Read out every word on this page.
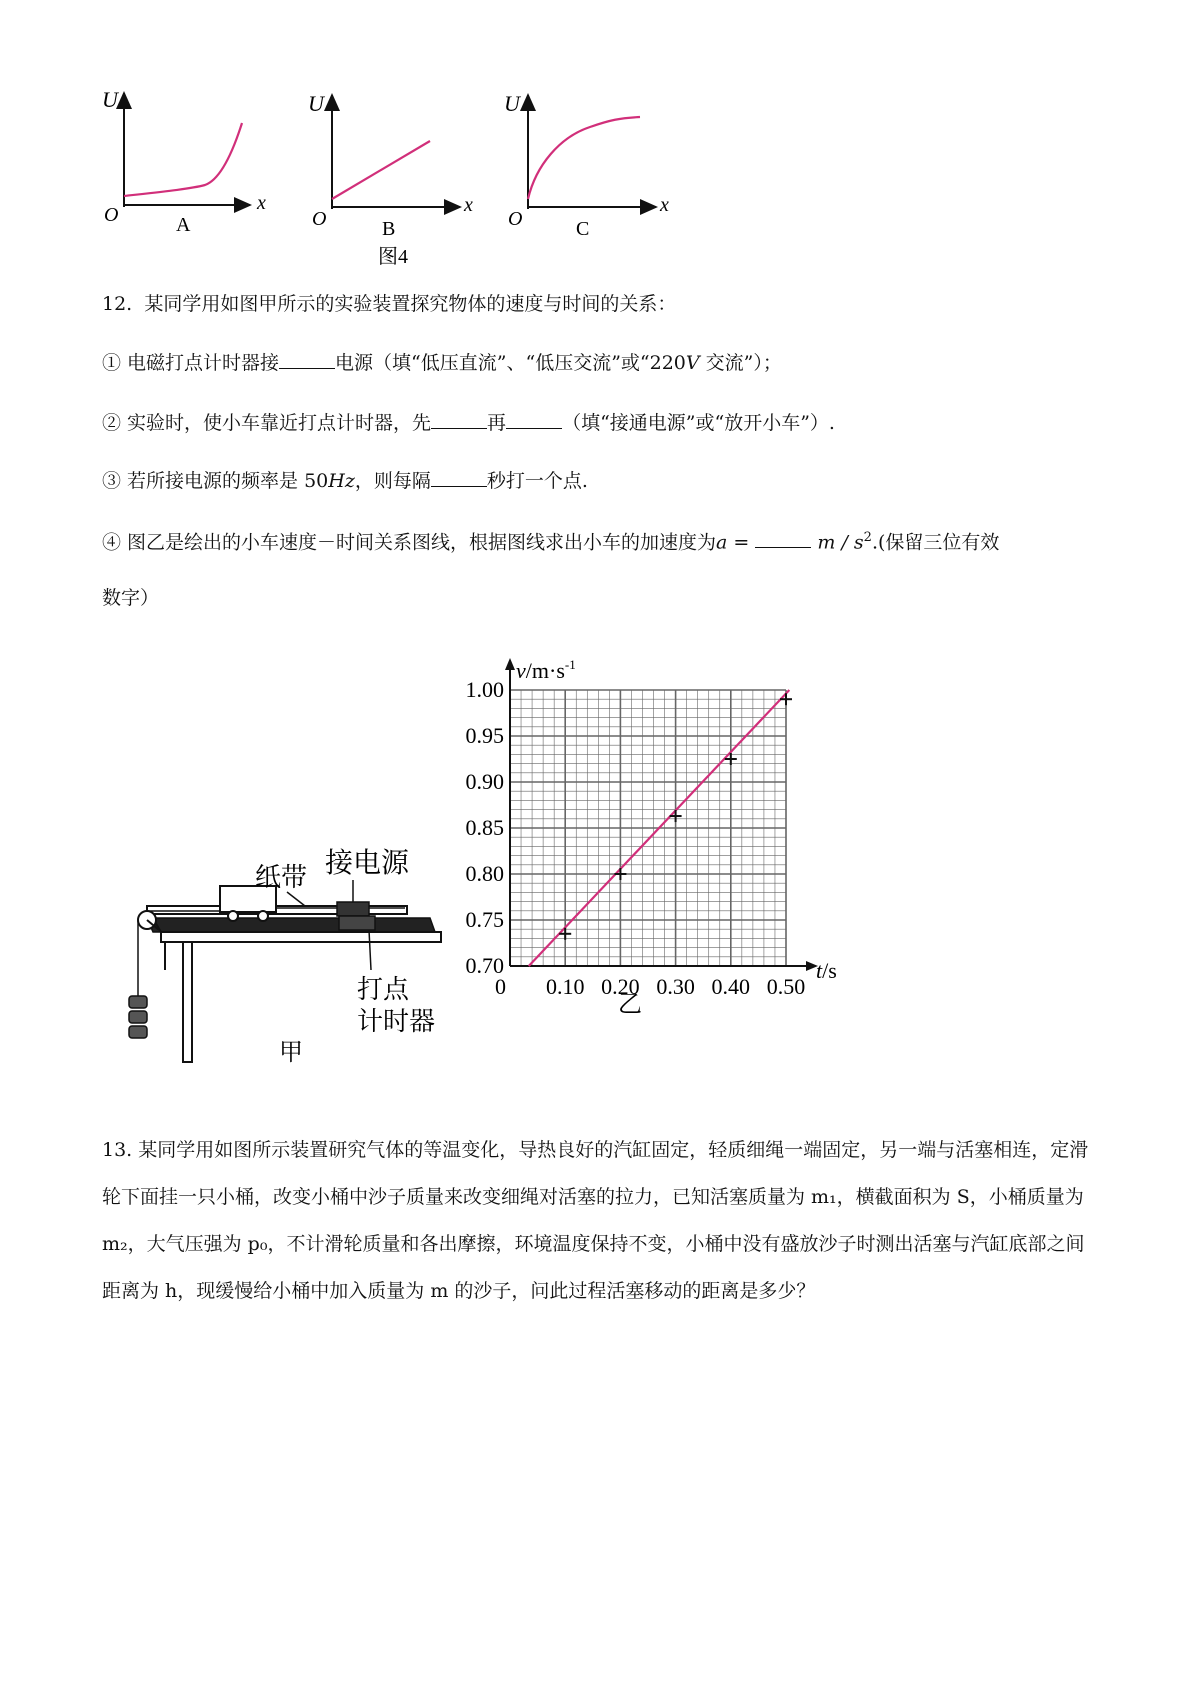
U
x
O	A
U
x
O	B
U
x
O	C
图4
12. 某同学用如图甲所示的实验装置探究物体的速度与时间的关系：
① 电磁打点计时器接	电源（填“低压直流”、“低压交流”或“220V 交流”）；
② 实验时，使小车靠近打点计时器，先	再	（填“接通电源”或“放开小车”）.
③ 若所接电源的频率是 50Hz，则每隔	秒打一个点.
④ 图乙是绘出的小车速度－时间关系图线，根据图线求出小车的加速度为a =	m / $s^2$.(保留三位有效
数字）
纸带 接电源
打点
计时器
甲
0 0.10 0.20 0.30 0.40 0.50
0.70
0.75
0.80
0.85
0.90
0.95
1.00
$v/m\cdot s^{-1}$
t/s
乙
13. 某同学用如图所示装置研究气体的等温变化，导热良好的汽缸固定，轻质细绳一端固定，另一端与活塞相连，定滑轮下面挂一只小桶，改变小桶中沙子质量来改变细绳对活塞的拉力，已知活塞质量为 m₁，横截面积为 S，小桶质量为 m₂，大气压强为 p₀，不计滑轮质量和各出摩擦，环境温度保持不变，小桶中没有盛放沙子时测出活塞与汽缸底部之间距离为 h，现缓慢给小桶中加入质量为 m 的沙子，问此过程活塞移动的距离是多少？
